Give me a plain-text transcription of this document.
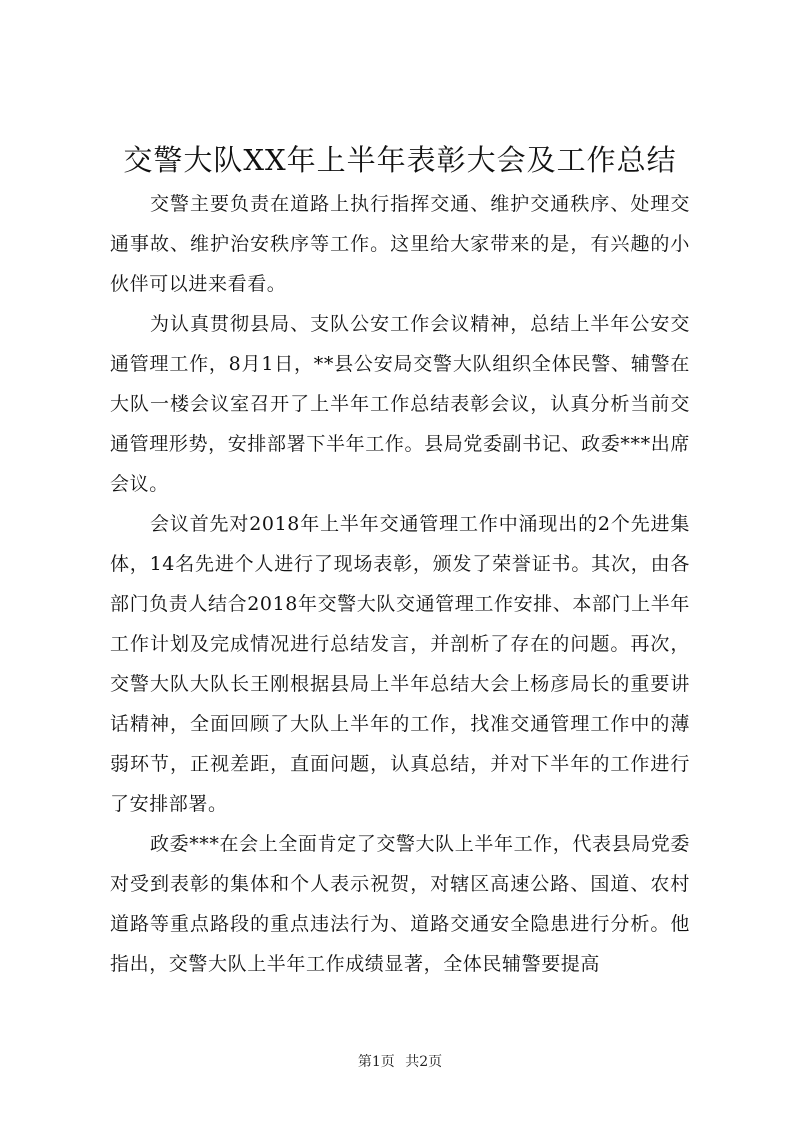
交警大队XX年上半年表彰大会及工作总结

交警主要负责在道路上执行指挥交通、维护交通秩序、处理交通事故、维护治安秩序等工作。这里给大家带来的是，有兴趣的小伙伴可以进来看看。

为认真贯彻县局、支队公安工作会议精神，总结上半年公安交通管理工作，8月1日，**县公安局交警大队组织全体民警、辅警在大队一楼会议室召开了上半年工作总结表彰会议，认真分析当前交通管理形势，安排部署下半年工作。县局党委副书记、政委***出席会议。

会议首先对2018年上半年交通管理工作中涌现出的2个先进集体，14名先进个人进行了现场表彰，颁发了荣誉证书。其次，由各部门负责人结合2018年交警大队交通管理工作安排、本部门上半年工作计划及完成情况进行总结发言，并剖析了存在的问题。再次，交警大队大队长王刚根据县局上半年总结大会上杨彦局长的重要讲话精神，全面回顾了大队上半年的工作，找准交通管理工作中的薄弱环节，正视差距，直面问题，认真总结，并对下半年的工作进行了安排部署。

政委***在会上全面肯定了交警大队上半年工作，代表县局党委对受到表彰的集体和个人表示祝贺，对辖区高速公路、国道、农村道路等重点路段的重点违法行为、道路交通安全隐患进行分析。他指出，交警大队上半年工作成绩显著，全体民辅警要提高

第1页 共2页
